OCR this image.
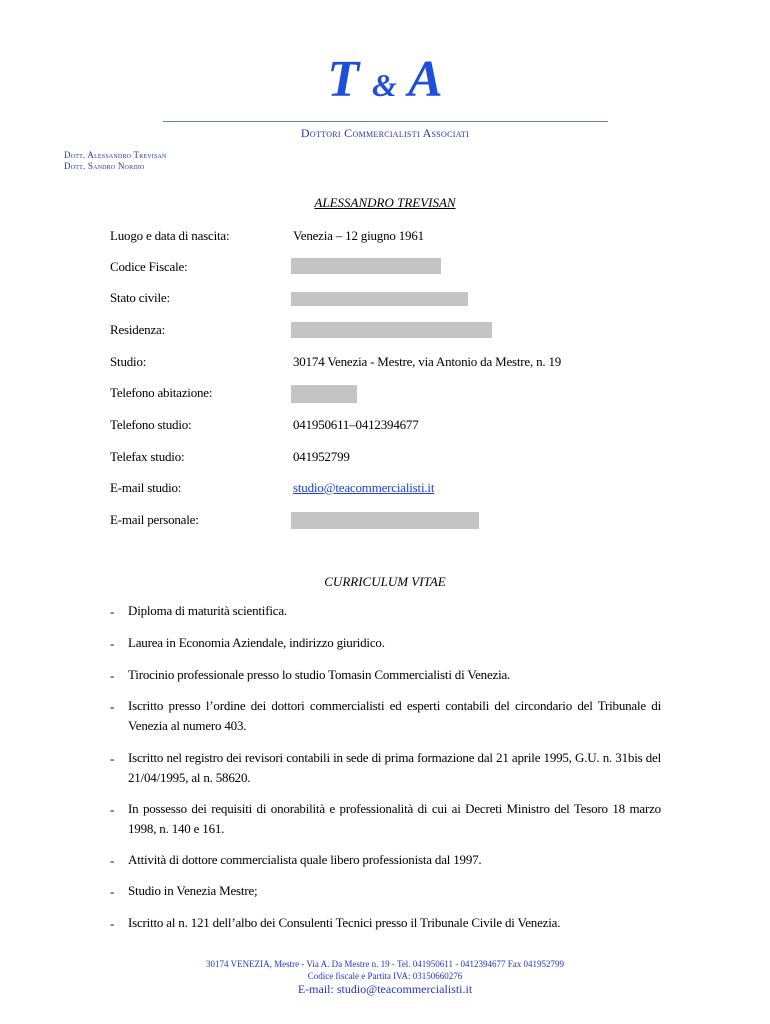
T & A
Dottori Commercialisti Associati
Dott. Alessandro Trevisan
Dott. Sandro Nordio
ALESSANDRO TREVISAN
Luogo e data di nascita:	Venezia – 12 giugno 1961
Codice Fiscale:
Stato civile:
Residenza:
Studio:	30174 Venezia - Mestre, via Antonio da Mestre, n. 19
Telefono abitazione:
Telefono studio:	041950611–0412394677
Telefax studio:	041952799
E-mail studio:	studio@teacommercialisti.it
E-mail personale:
CURRICULUM VITAE
- Diploma di maturità scientifica.
- Laurea in Economia Aziendale, indirizzo giuridico.
- Tirocinio professionale presso lo studio Tomasin Commercialisti di Venezia.
- Iscritto presso l’ordine dei dottori commercialisti ed esperti contabili del circondario del Tribunale di Venezia al numero 403.
- Iscritto nel registro dei revisori contabili in sede di prima formazione dal 21 aprile 1995, G.U. n. 31bis del 21/04/1995, al n. 58620.
- In possesso dei requisiti di onorabilità e professionalità di cui ai Decreti Ministro del Tesoro 18 marzo 1998, n. 140 e 161.
- Attività di dottore commercialista quale libero professionista dal 1997.
- Studio in Venezia Mestre;
- Iscritto al n. 121 dell’albo dei Consulenti Tecnici presso il Tribunale Civile di Venezia.
30174 VENEZIA, Mestre - Via A. Da Mestre n. 19 - Tel. 041950611 - 0412394677 Fax 041952799
Codice fiscale e Partita IVA: 03150660276
E-mail: studio@teacommercialisti.it
